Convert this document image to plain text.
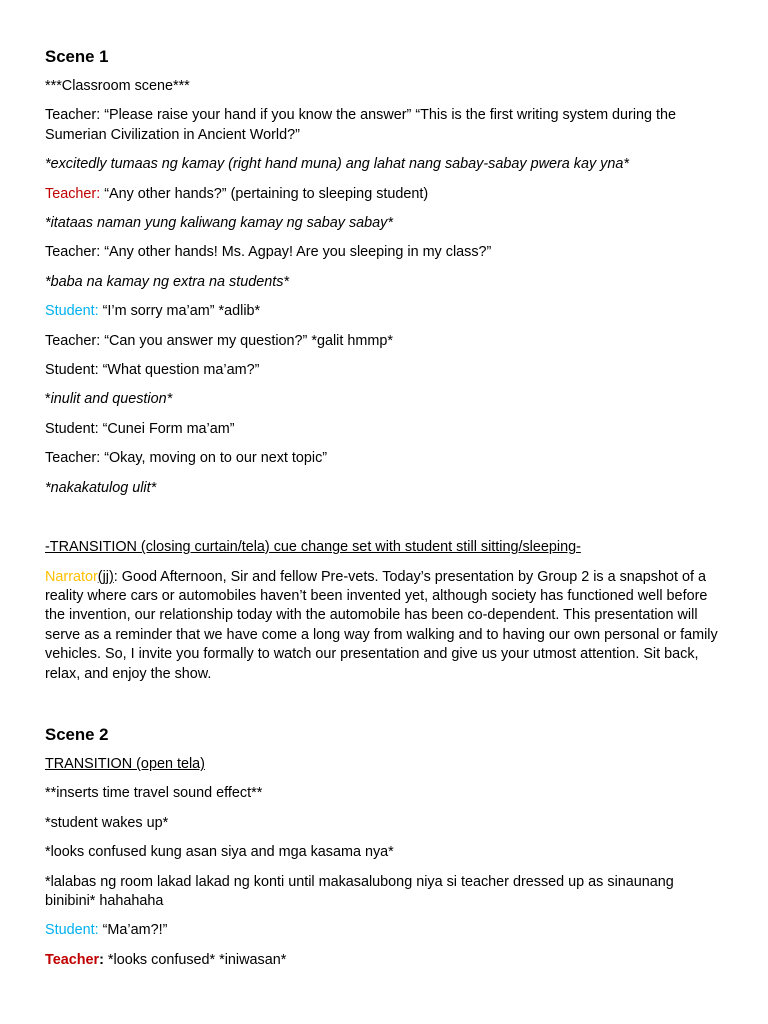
Scene 1

***Classroom scene***

Teacher: “Please raise your hand if you know the answer” “This is the first writing system during the Sumerian Civilization in Ancient World?”

*excitedly tumaas ng kamay (right hand muna) ang lahat nang sabay-sabay pwera kay yna*

Teacher: “Any other hands?” (pertaining to sleeping student)

*itataas naman yung kaliwang kamay ng sabay sabay*

Teacher: “Any other hands! Ms. Agpay! Are you sleeping in my class?”

*baba na kamay ng extra na students*

Student: “I’m sorry ma’am” *adlib*

Teacher: “Can you answer my question?” *galit hmmp*

Student: “What question ma’am?”

*inulit and question*

Student: “Cunei Form ma’am”

Teacher: “Okay, moving on to our next topic”

*nakakatulog ulit*

-TRANSITION (closing curtain/tela) cue change set with student still sitting/sleeping-

Narrator(jj): Good Afternoon, Sir and fellow Pre-vets. Today’s presentation by Group 2 is a snapshot of a reality where cars or automobiles haven’t been invented yet, although society has functioned well before the invention, our relationship today with the automobile has been co-dependent. This presentation will serve as a reminder that we have come a long way from walking and to having our own personal or family vehicles. So, I invite you formally to watch our presentation and give us your utmost attention. Sit back, relax, and enjoy the show.

Scene 2

TRANSITION (open tela)

**inserts time travel sound effect**

*student wakes up*

*looks confused kung asan siya and mga kasama nya*

*lalabas ng room lakad lakad ng konti until makasalubong niya si teacher dressed up as sinaunang binibini* hahahaha

Student: “Ma’am?!”

Teacher: *looks confused* *iniwasan*
